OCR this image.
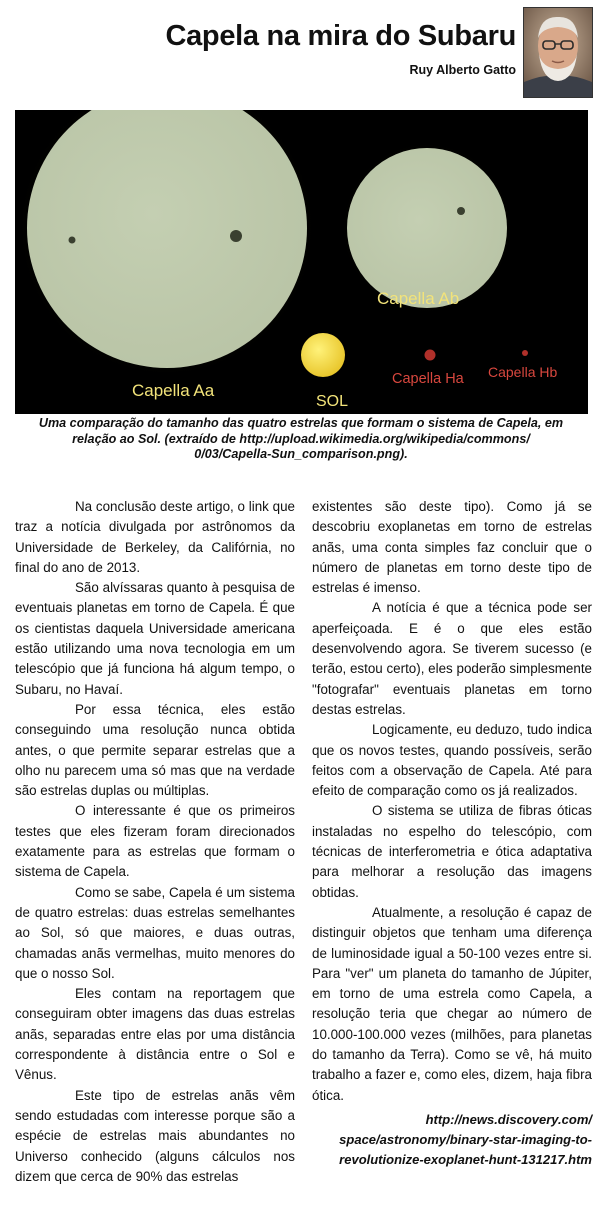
Capela na mira do Subaru
Ruy Alberto Gatto
Capella Aa
Capella Ab
SOL
Capella Ha Capella Hb
Uma comparação do tamanho das quatro estrelas que formam o sistema de Capela, em
relação ao Sol. (extraído de http://upload.wikimedia.org/wikipedia/commons/
0/03/Capella-Sun_comparison.png).

Na conclusão deste artigo, o link que traz a notícia divulgada por astrônomos da Universidade de Berkeley, da Califórnia, no final do ano de 2013.

São alvíssaras quanto à pesquisa de eventuais planetas em torno de Capela. É que os cientistas daquela Universidade americana estão utilizando uma nova tecnologia em um telescópio que já funciona há algum tempo, o Subaru, no Havaí.

Por essa técnica, eles estão conseguindo uma resolução nunca obtida antes, o que permite separar estrelas que a olho nu parecem uma só mas que na verdade são estrelas duplas ou múltiplas.

O interessante é que os primeiros testes que eles fizeram foram direcionados exatamente para as estrelas que formam o sistema de Capela.

Como se sabe, Capela é um sistema de quatro estrelas: duas estrelas semelhantes ao Sol, só que maiores, e duas outras, chamadas anãs vermelhas, muito menores do que o nosso Sol.

Eles contam na reportagem que conseguiram obter imagens das duas estrelas anãs, separadas entre elas por uma distância correspondente à distância entre o Sol e Vênus.

Este tipo de estrelas anãs vêm sendo estudadas com interesse porque são a espécie de estrelas mais abundantes no Universo conhecido (alguns cálculos nos dizem que cerca de 90% das estrelas

existentes são deste tipo). Como já se descobriu exoplanetas em torno de estrelas anãs, uma conta simples faz concluir que o número de planetas em torno deste tipo de estrelas é imenso.

A notícia é que a técnica pode ser aperfeiçoada. E é o que eles estão desenvolvendo agora. Se tiverem sucesso (e terão, estou certo), eles poderão simplesmente "fotografar" eventuais planetas em torno destas estrelas.

Logicamente, eu deduzo, tudo indica que os novos testes, quando possíveis, serão feitos com a observação de Capela. Até para efeito de comparação como os já realizados.

O sistema se utiliza de fibras óticas instaladas no espelho do telescópio, com técnicas de interferometria e ótica adaptativa para melhorar a resolução das imagens obtidas.

Atualmente, a resolução é capaz de distinguir objetos que tenham uma diferença de luminosidade igual a 50-100 vezes entre si. Para "ver" um planeta do tamanho de Júpiter, em torno de uma estrela como Capela, a resolução teria que chegar ao número de 10.000-100.000 vezes (milhões, para planetas do tamanho da Terra). Como se vê, há muito trabalho a fazer e, como eles, dizem, haja fibra ótica.

http://news.discovery.com/
space/astronomy/binary-star-imaging-to-
revolutionize-exoplanet-hunt-131217.htm
